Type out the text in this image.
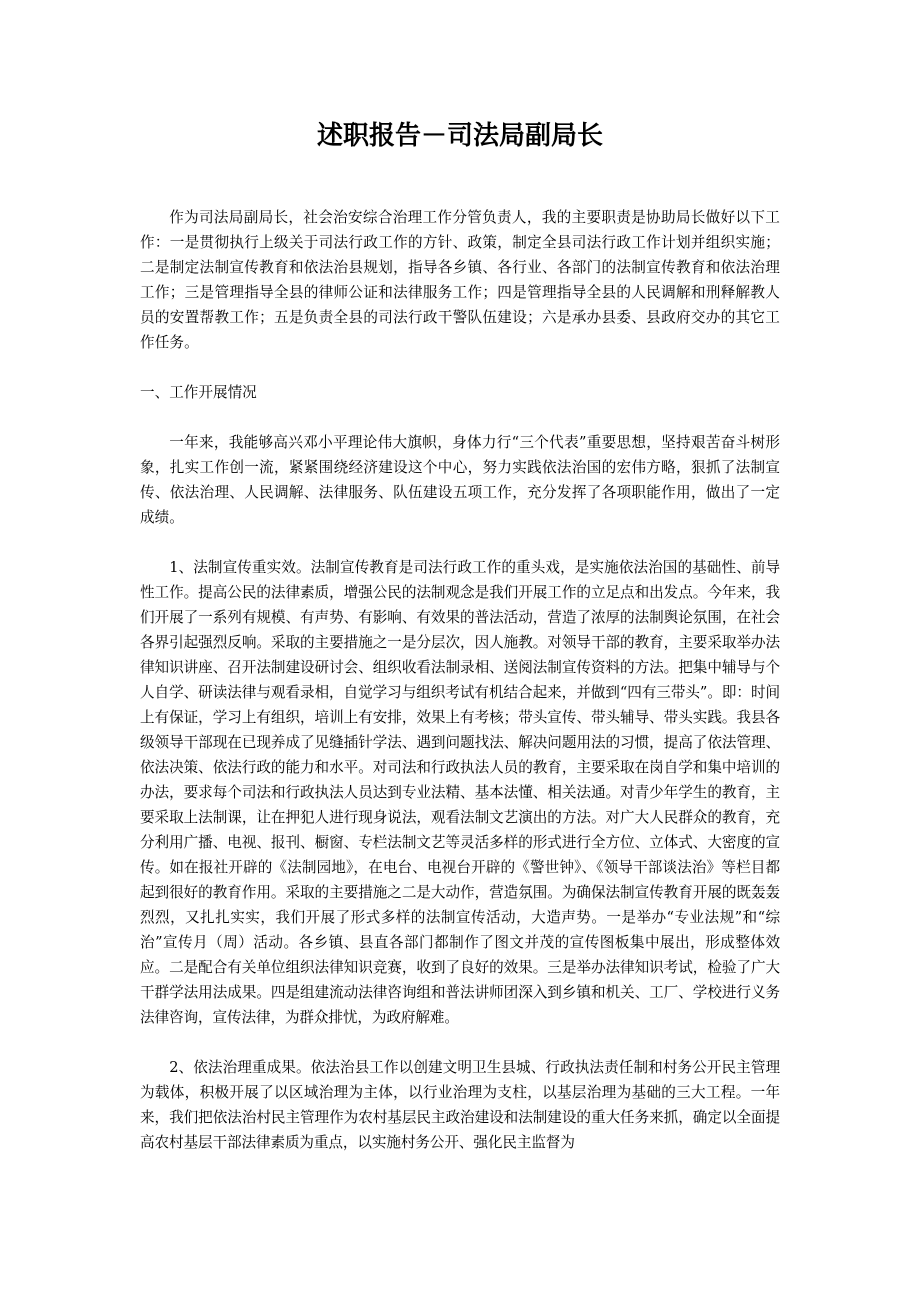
述职报告－司法局副局长

作为司法局副局长，社会治安综合治理工作分管负责人，我的主要职责是协助局长做好以下工作：一是贯彻执行上级关于司法行政工作的方针、政策，制定全县司法行政工作计划并组织实施；二是制定法制宣传教育和依法治县规划，指导各乡镇、各行业、各部门的法制宣传教育和依法治理工作；三是管理指导全县的律师公证和法律服务工作；四是管理指导全县的人民调解和刑释解教人员的安置帮教工作；五是负责全县的司法行政干警队伍建设；六是承办县委、县政府交办的其它工作任务。

一、工作开展情况

一年来，我能够高兴邓小平理论伟大旗帜，身体力行“三个代表”重要思想，坚持艰苦奋斗树形象，扎实工作创一流，紧紧围绕经济建设这个中心，努力实践依法治国的宏伟方略，狠抓了法制宣传、依法治理、人民调解、法律服务、队伍建设五项工作，充分发挥了各项职能作用，做出了一定成绩。

1、法制宣传重实效。法制宣传教育是司法行政工作的重头戏，是实施依法治国的基础性、前导性工作。提高公民的法律素质，增强公民的法制观念是我们开展工作的立足点和出发点。今年来，我们开展了一系列有规模、有声势、有影响、有效果的普法活动，营造了浓厚的法制舆论氛围，在社会各界引起强烈反响。采取的主要措施之一是分层次，因人施教。对领导干部的教育，主要采取举办法律知识讲座、召开法制建设研讨会、组织收看法制录相、送阅法制宣传资料的方法。把集中辅导与个人自学、研读法律与观看录相，自觉学习与组织考试有机结合起来，并做到“四有三带头”。即：时间上有保证，学习上有组织，培训上有安排，效果上有考核；带头宣传、带头辅导、带头实践。我县各级领导干部现在已现养成了见缝插针学法、遇到问题找法、解决问题用法的习惯，提高了依法管理、依法决策、依法行政的能力和水平。对司法和行政执法人员的教育，主要采取在岗自学和集中培训的办法，要求每个司法和行政执法人员达到专业法精、基本法懂、相关法通。对青少年学生的教育，主要采取上法制课，让在押犯人进行现身说法，观看法制文艺演出的方法。对广大人民群众的教育，充分利用广播、电视、报刊、橱窗、专栏法制文艺等灵活多样的形式进行全方位、立体式、大密度的宣传。如在报社开辟的《法制园地》，在电台、电视台开辟的《警世钟》、《领导干部谈法治》等栏目都起到很好的教育作用。采取的主要措施之二是大动作，营造氛围。为确保法制宣传教育开展的既轰轰烈烈，又扎扎实实，我们开展了形式多样的法制宣传活动，大造声势。一是举办“专业法规”和“综治”宣传月（周）活动。各乡镇、县直各部门都制作了图文并茂的宣传图板集中展出，形成整体效应。二是配合有关单位组织法律知识竞赛，收到了良好的效果。三是举办法律知识考试，检验了广大干群学法用法成果。四是组建流动法律咨询组和普法讲师团深入到乡镇和机关、工厂、学校进行义务法律咨询，宣传法律，为群众排忧，为政府解难。

2、依法治理重成果。依法治县工作以创建文明卫生县城、行政执法责任制和村务公开民主管理为载体，积极开展了以区域治理为主体，以行业治理为支柱，以基层治理为基础的三大工程。一年来，我们把依法治村民主管理作为农村基层民主政治建设和法制建设的重大任务来抓，确定以全面提高农村基层干部法律素质为重点，以实施村务公开、强化民主监督为
